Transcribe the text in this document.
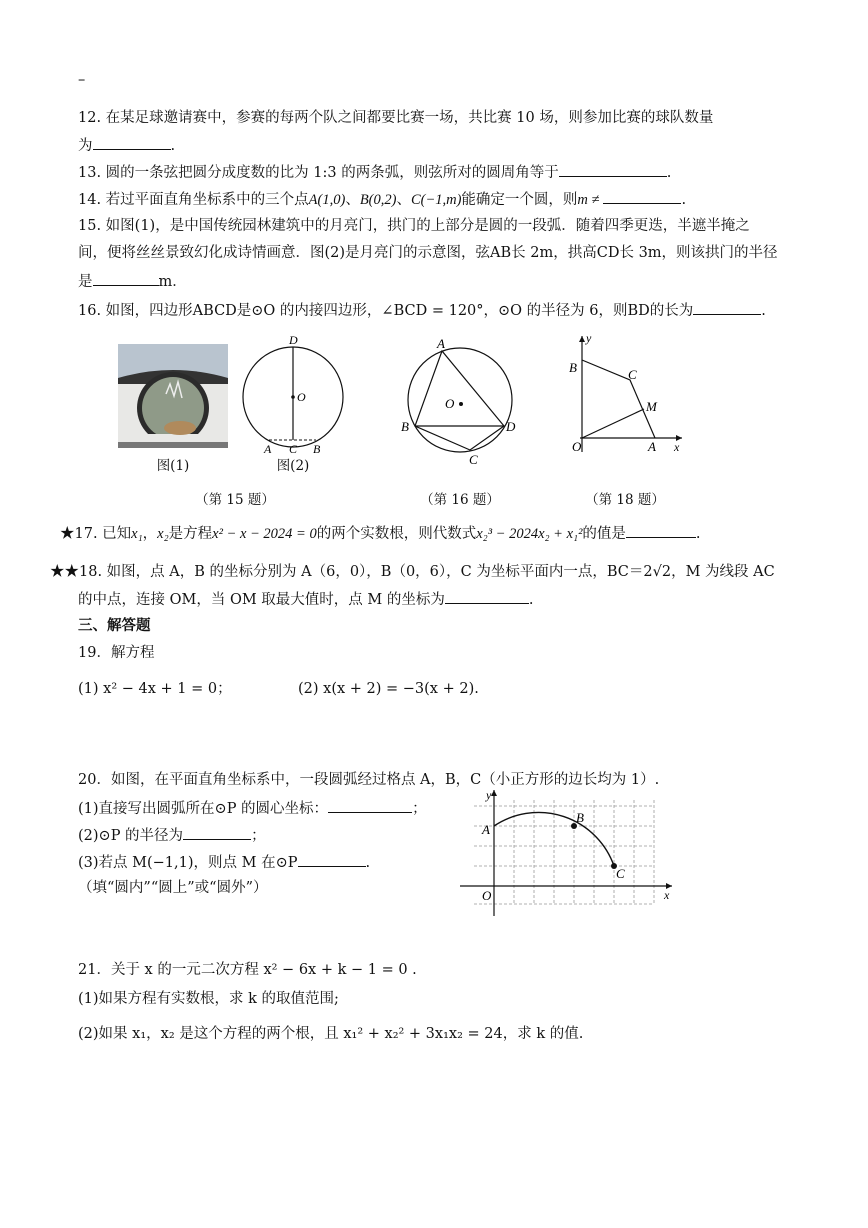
–
12. 在某足球邀请赛中，参赛的每两个队之间都要比赛一场，共比赛 10 场，则参加比赛的球队数量
为	.
13. 圆的一条弦把圆分成度数的比为 1:3 的两条弧，则弦所对的圆周角等于	.
14. 若过平面直角坐标系中的三个点A(1,0)、B(0,2)、C(−1,m)能确定一个圆，则m ≠	.
15. 如图(1)，是中国传统园林建筑中的月亮门，拱门的上部分是圆的一段弧．随着四季更迭，半遮半掩之
间，便将丝丝景致幻化成诗情画意．图(2)是月亮门的示意图，弦AB长 2m，拱高CD长 3m，则该拱门的半径
是	m．
16. 如图，四边形ABCD是⊙O 的内接四边形，∠BCD = 120°，⊙O 的半径为 6，则BD的长为	.
图(1)
D
O
A C B
图(2)
（第 15 题）
A
O
B	D
C
（第 16 题）
y
B	C
M
O	A x
（第 18 题）
★17. 已知x₁，x₂是方程x² − x − 2024 = 0的两个实数根，则代数式x₂³ − 2024x₂ + x₁²的值是	.
★★18. 如图，点 A，B 的坐标分别为 A（6，0），B（0，6），C 为坐标平面内一点，BC＝2√2，M 为线段 AC
的中点，连接 OM，当 OM 取最大值时，点 M 的坐标为	.
三、解答题
19．解方程
(1) x² − 4x + 1 = 0；	(2) x(x + 2) = −3(x + 2).
20．如图，在平面直角坐标系中，一段圆弧经过格点 A，B，C（小正方形的边长均为 1）.
(1)直接写出圆弧所在⊙P 的圆心坐标：	；
(2)⊙P 的半径为	；
(3)若点 M(−1,1)，则点 M 在⊙P	.
（填“圆内”“圆上”或“圆外”）
y
A
B
C
O	x
21．关于 x 的一元二次方程 x² − 6x + k − 1 = 0 .
(1)如果方程有实数根，求 k 的取值范围;
(2)如果 x₁，x₂ 是这个方程的两个根，且 x₁² + x₂² + 3x₁x₂ = 24，求 k 的值.
